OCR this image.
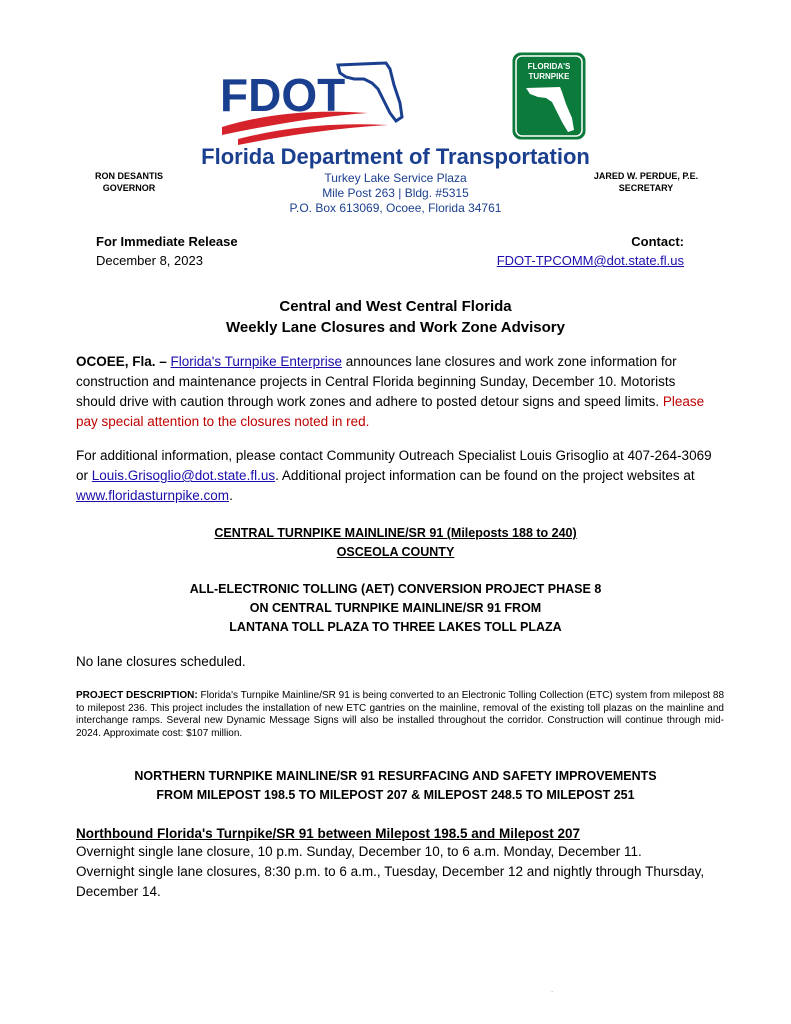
FDOT
FLORIDA'S
TURNPIKE
Florida Department of Transportation
RON DESANTIS
GOVERNOR
Turkey Lake Service Plaza
Mile Post 263 | Bldg. #5315
P.O. Box 613069, Ocoee, Florida 34761
JARED W. PERDUE, P.E.
SECRETARY
For Immediate Release
December 8, 2023
Contact:
FDOT-TPCOMM@dot.state.fl.us
Central and West Central Florida
Weekly Lane Closures and Work Zone Advisory
OCOEE, Fla. – Florida's Turnpike Enterprise announces lane closures and work zone information for construction and maintenance projects in Central Florida beginning Sunday, December 10. Motorists should drive with caution through work zones and adhere to posted detour signs and speed limits. Please pay special attention to the closures noted in red.
For additional information, please contact Community Outreach Specialist Louis Grisoglio at 407-264-3069 or Louis.Grisoglio@dot.state.fl.us. Additional project information can be found on the project websites at www.floridasturnpike.com.
CENTRAL TURNPIKE MAINLINE/SR 91 (Mileposts 188 to 240)
OSCEOLA COUNTY
ALL-ELECTRONIC TOLLING (AET) CONVERSION PROJECT PHASE 8
ON CENTRAL TURNPIKE MAINLINE/SR 91 FROM
LANTANA TOLL PLAZA TO THREE LAKES TOLL PLAZA
No lane closures scheduled.
PROJECT DESCRIPTION: Florida's Turnpike Mainline/SR 91 is being converted to an Electronic Tolling Collection (ETC) system from milepost 88 to milepost 236. This project includes the installation of new ETC gantries on the mainline, removal of the existing toll plazas on the mainline and interchange ramps. Several new Dynamic Message Signs will also be installed throughout the corridor. Construction will continue through mid-2024. Approximate cost: $107 million.
NORTHERN TURNPIKE MAINLINE/SR 91 RESURFACING AND SAFETY IMPROVEMENTS
FROM MILEPOST 198.5 TO MILEPOST 207 & MILEPOST 248.5 TO MILEPOST 251
Northbound Florida's Turnpike/SR 91 between Milepost 198.5 and Milepost 207
Overnight single lane closure, 10 p.m. Sunday, December 10, to 6 a.m. Monday, December 11.
Overnight single lane closures, 8:30 p.m. to 6 a.m., Tuesday, December 12 and nightly through Thursday, December 14.
.
